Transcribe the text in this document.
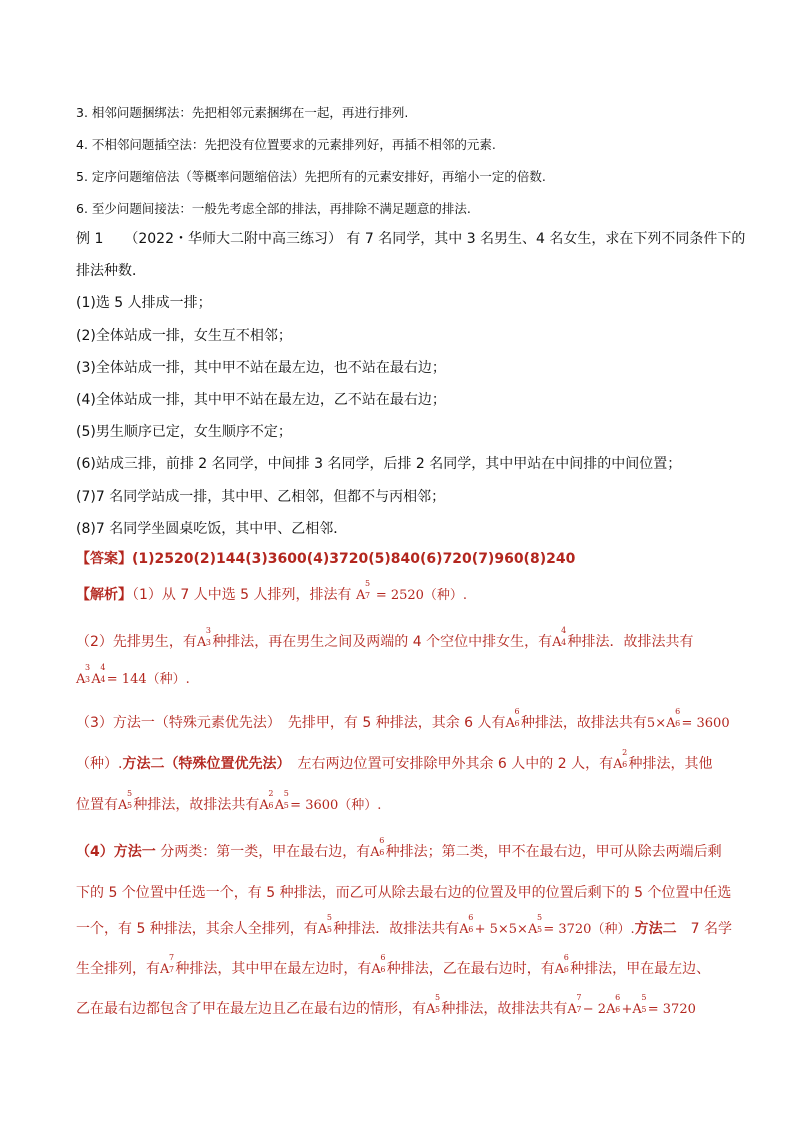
3. 相邻问题捆绑法：先把相邻元素捆绑在一起，再进行排列.
4. 不相邻问题插空法：先把没有位置要求的元素排列好，再插不相邻的元素.
5. 定序问题缩倍法（等概率问题缩倍法）先把所有的元素安排好，再缩小一定的倍数.
6. 至少问题间接法：一般先考虑全部的排法，再排除不满足题意的排法.
例 1　　（2022・华师大二附中高三练习） 有 7 名同学，其中 3 名男生、4 名女生，求在下列不同条件下的
排法种数．
(1)选 5 人排成一排；
(2)全体站成一排，女生互不相邻；
(3)全体站成一排，其中甲不站在最左边，也不站在最右边；
(4)全体站成一排，其中甲不站在最左边，乙不站在最右边；
(5)男生顺序已定，女生顺序不定；
(6)站成三排，前排 2 名同学，中间排 3 名同学，后排 2 名同学，其中甲站在中间排的中间位置；
(7)7 名同学站成一排，其中甲、乙相邻，但都不与丙相邻；
(8)7 名同学坐圆桌吃饭，其中甲、乙相邻．
【答案】(1)2520(2)144(3)3600(4)3720(5)840(6)720(7)960(8)240
【解析】（1）从 7 人中选 5 人排列，排法有 A
5
7 = 2520（种）.
（2）先排男生，有A
3
3 种排法，再在男生之间及两端的 4 个空位中排女生，有A
4
4 种排法．故排法共有
A
3
3 A
4
4 = 144（种）.
（3）方法一（特殊元素优先法）　先排甲，有 5 种排法，其余 6 人有A
6
6 种排法，故排法共有5×A
6
6 = 3600
（种）.方法二（特殊位置优先法）　左右两边位置可安排除甲外其余 6 人中的 2 人，有A
2
6 种排法，其他
位置有A
5
5 种排法，故排法共有A
2
6 A
5
5 = 3600（种）.
（4）方法一 分两类：第一类，甲在最右边，有A
6
6 种排法；第二类，甲不在最右边，甲可从除去两端后剩
下的 5 个位置中任选一个，有 5 种排法，而乙可从除去最右边的位置及甲的位置后剩下的 5 个位置中任选
一个，有 5 种排法，其余人全排列，有A
5
5 种排法．故排法共有A
6
6 + 5×5×A
5
5 = 3720（种）.方法二　7 名学
生全排列，有A
7
7 种排法，其中甲在最左边时，有A
6
6 种排法，乙在最右边时，有A
6
6 种排法，甲在最左边、
乙在最右边都包含了甲在最左边且乙在最右边的情形，有A
5
5 种排法，故排法共有A
7
7 − 2A
6
6 +A
5
5 = 3720
